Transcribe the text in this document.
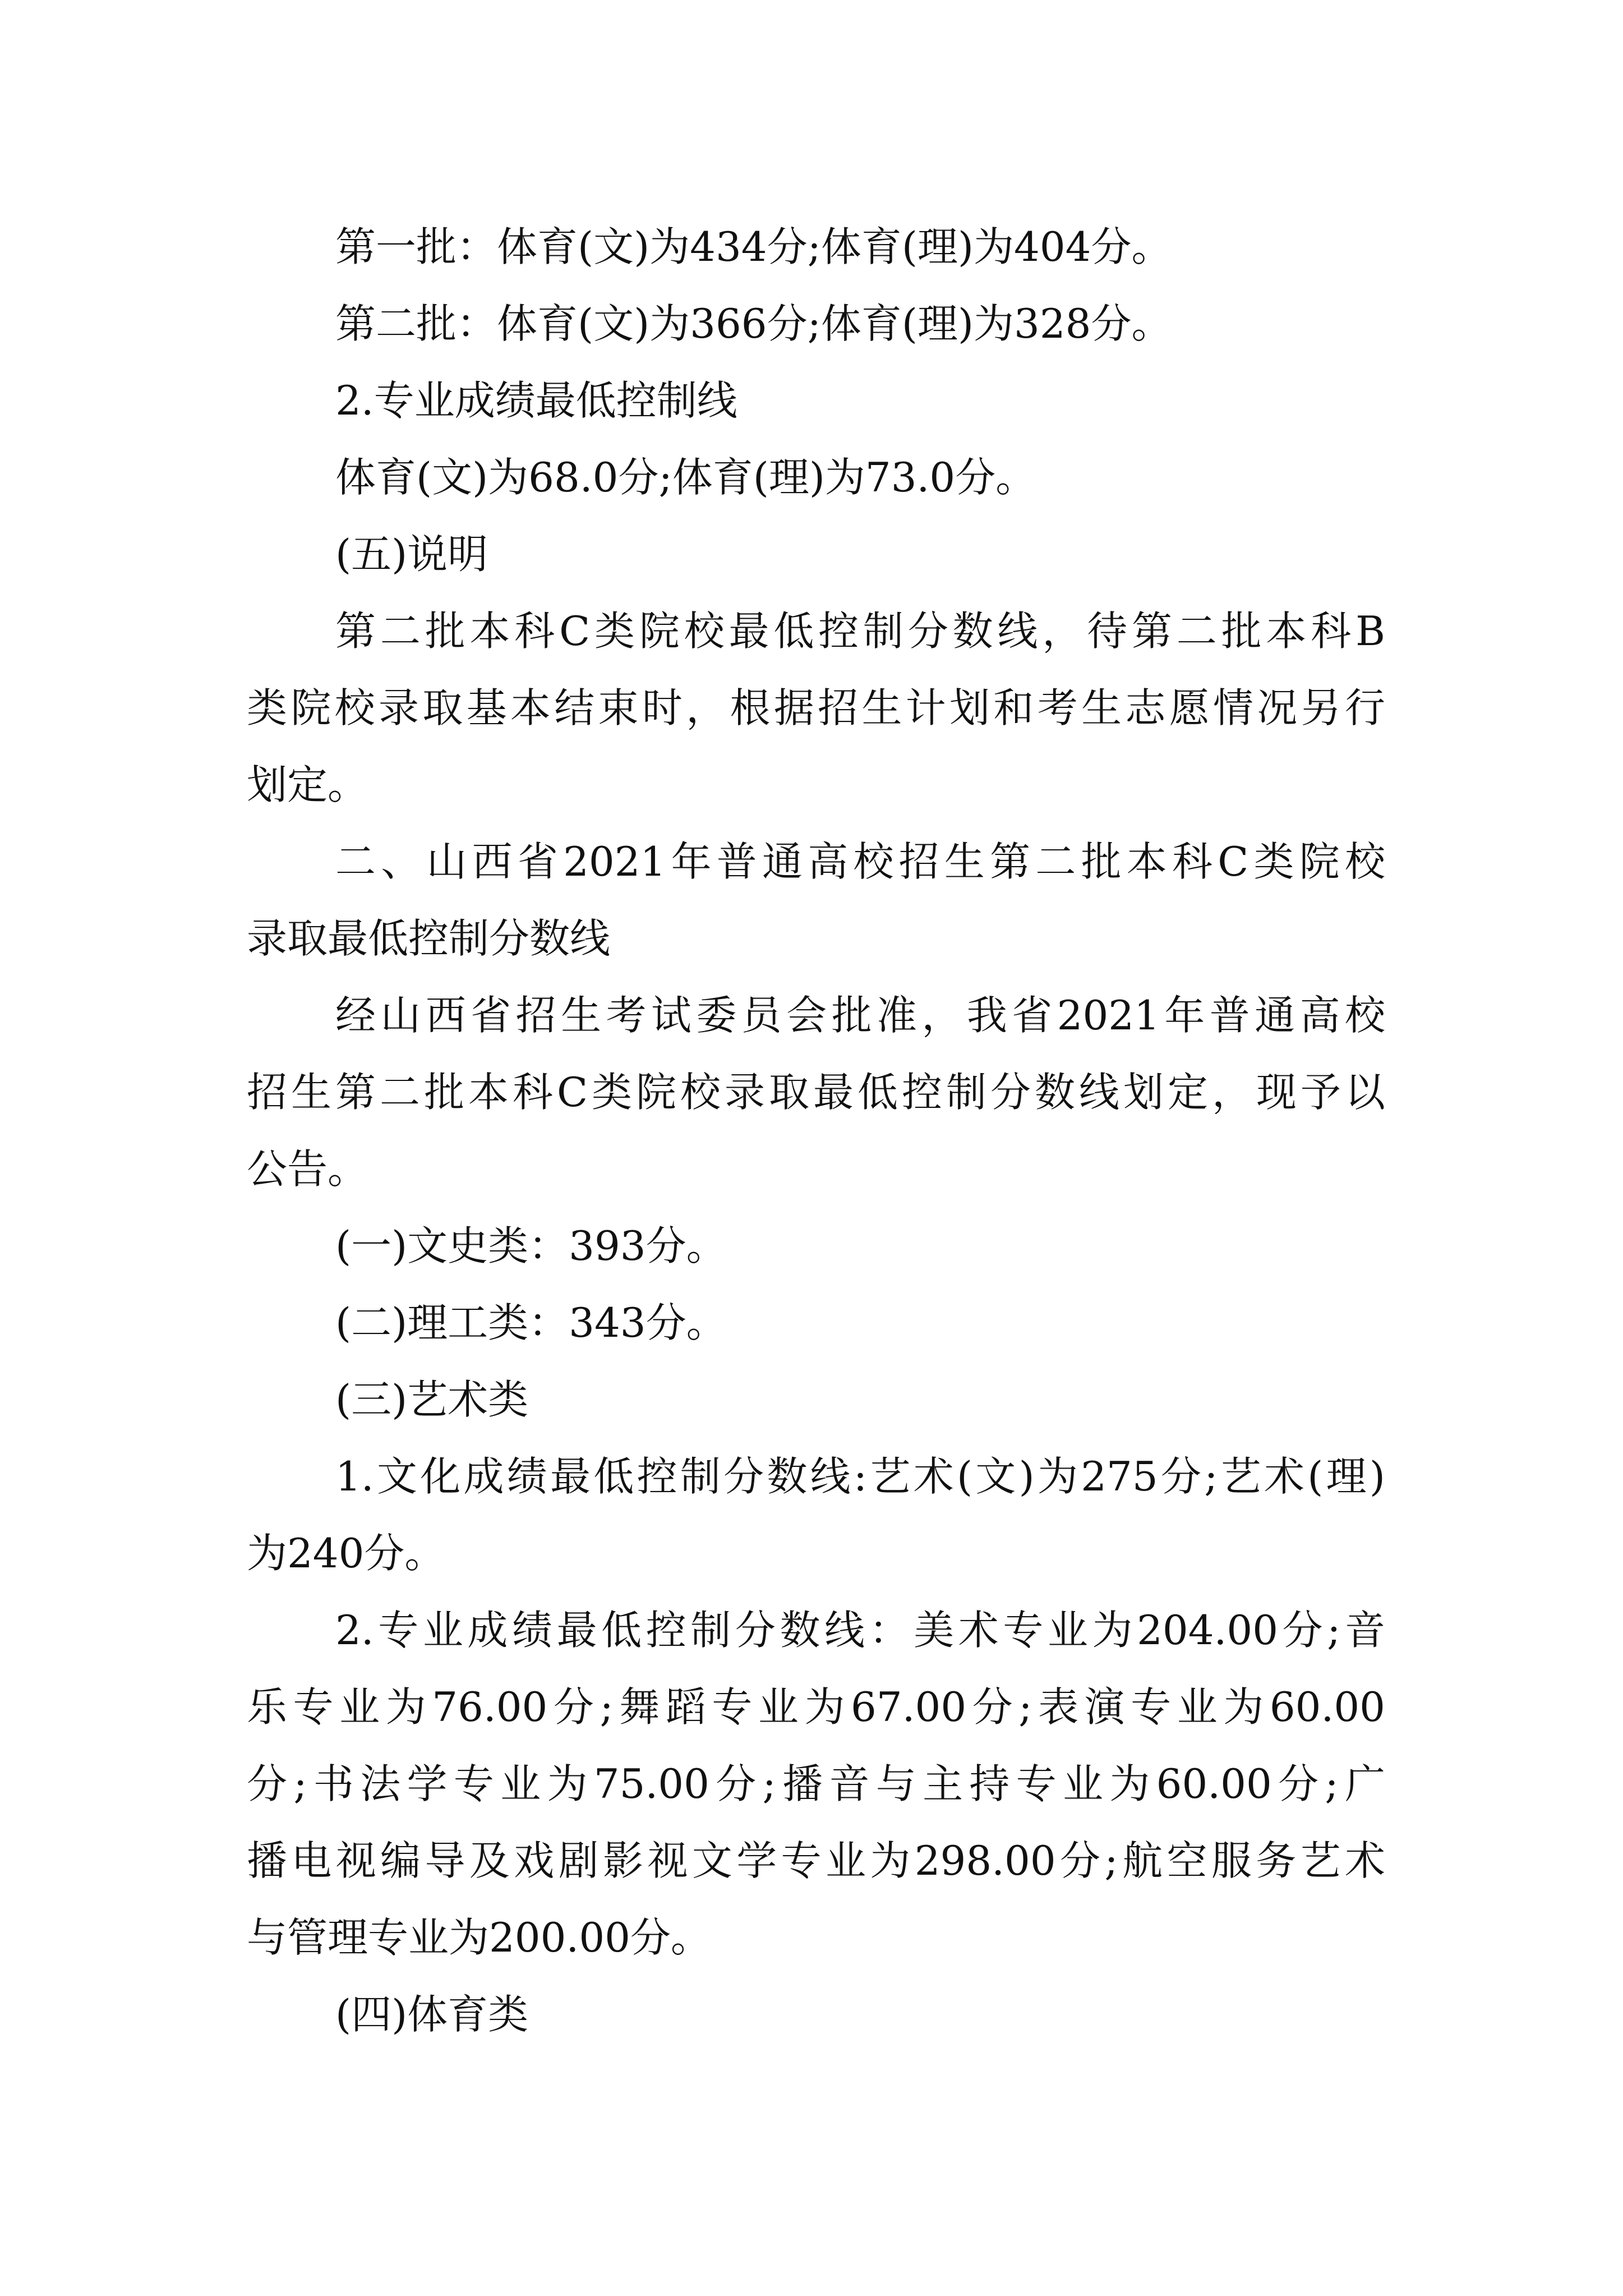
第一批：体育(文)为434分;体育(理)为404分。
第二批：体育(文)为366分;体育(理)为328分。
2.专业成绩最低控制线
体育(文)为68.0分;体育(理)为73.0分。
(五)说明
第二批本科C类院校最低控制分数线，待第二批本科B
类院校录取基本结束时，根据招生计划和考生志愿情况另行
划定。
二、山西省2021年普通高校招生第二批本科C类院校
录取最低控制分数线
经山西省招生考试委员会批准，我省2021年普通高校
招生第二批本科C类院校录取最低控制分数线划定，现予以
公告。
(一)文史类：393分。
(二)理工类：343分。
(三)艺术类
1.文化成绩最低控制分数线:艺术(文)为275分;艺术(理)
为240分。
2.专业成绩最低控制分数线：美术专业为204.00分;音
乐专业为76.00分;舞蹈专业为67.00分;表演专业为60.00
分;书法学专业为75.00分;播音与主持专业为60.00分;广
播电视编导及戏剧影视文学专业为298.00分;航空服务艺术
与管理专业为200.00分。
(四)体育类
